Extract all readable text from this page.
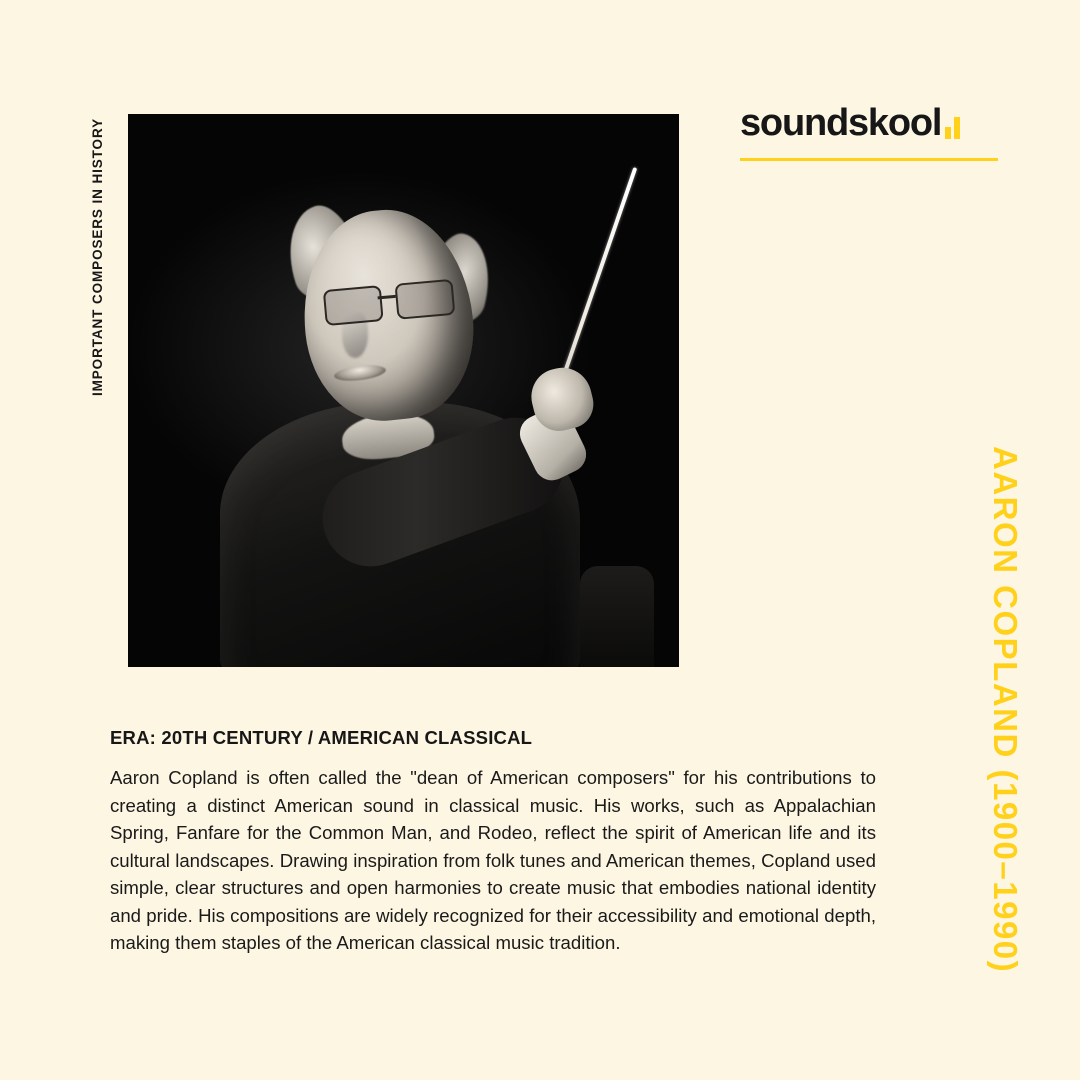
IMPORTANT COMPOSERS IN HISTORY	soundskool
AARON COPLAND (1900–1990)
ERA: 20TH CENTURY / AMERICAN CLASSICAL
Aaron Copland is often called the "dean of American composers" for his contributions to creating a distinct American sound in classical music. His works, such as Appalachian Spring, Fanfare for the Common Man, and Rodeo, reflect the spirit of American life and its cultural landscapes. Drawing inspiration from folk tunes and American themes, Copland used simple, clear structures and open harmonies to create music that embodies national identity and pride. His compositions are widely recognized for their accessibility and emotional depth, making them staples of the American classical music tradition.
